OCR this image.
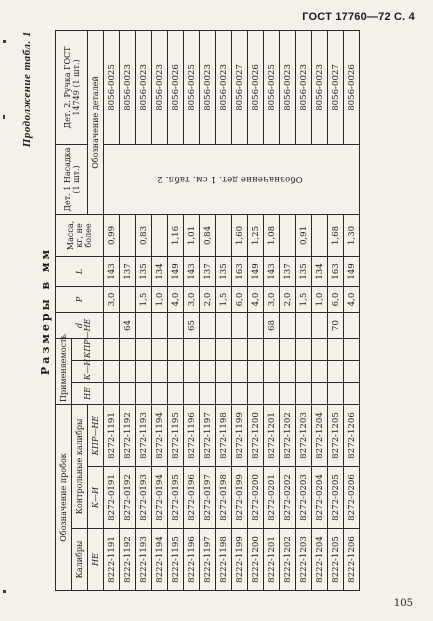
ГОСТ 17760—72 С. 4
Продолжение табл. 1
Размеры в мм
Обозначение пробок			Применяемость			d	P	L	Масса, кг, не более	Дет. 1 Насадка (1 шт.)	Дет. 2. Ручка ГОСТ 14749 (1 шт.)
Калибры	Контрольные калибры		НЕ	К—И	КПР—НЕ						
НЕ	К—И	КПР—НЕ								Обозначение деталей	
8222-1191	8272-0191	8272-1191					3,0	143	0,99	Обозначение дет. 1 см. табл. 2	8056-0025
8222-1192	8272-0192	8272-1192				64		137			8056-0023
8222-1193	8272-0193	8272-1193					1,5	135	0,83		8056-0023
8222-1194	8272-0194	8272-1194					1,0	134			8056-0023
8222-1195	8272-0195	8272-1195					4,0	149	1,16		8056-0026
8222-1196	8272-0196	8272-1196				65	3,0	143	1,01		8056-0025
8222-1197	8272-0197	8272-1197					2,0	137	0,84		8056-0023
8222-1198	8272-0198	8272-1198					1,5	135			8056-0023
8222-1199	8272-0199	8272-1199					6,0	163	1,60		8056-0027
8222-1200	8272-0200	8272-1200					4,0	149	1,25		8056-0026
8222-1201	8272-0201	8272-1201				68	3,0	143	1,08		8056-0025
8222-1202	8272-0202	8272-1202					2,0	137			8056-0023
8222-1203	8272-0203	8272-1203					1,5	135	0,91		8056-0023
8222-1204	8272-0204	8272-1204					1,0	134			8056-0023
8222-1205	8272-0205	8272-1205				70	6,0	163	1,68		8056-0027
8222-1206	8272-0206	8272-1206					4,0	149	1,30		8056-0026
105
